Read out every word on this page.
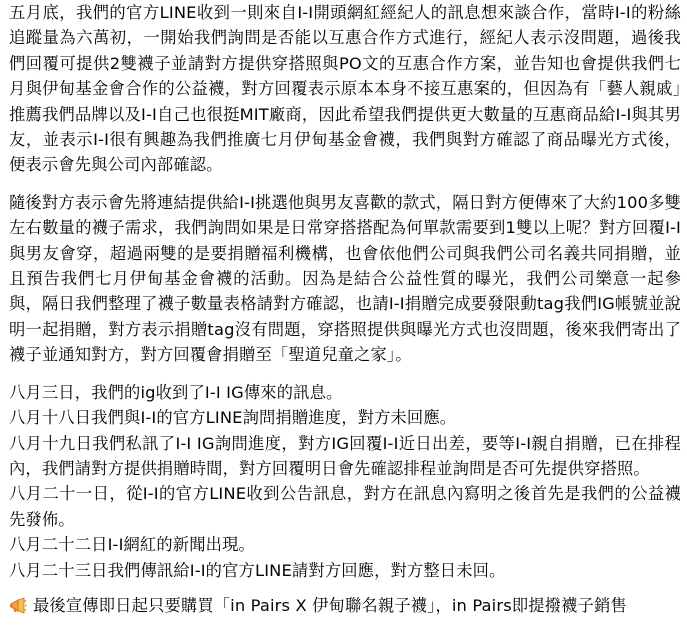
五月底，我們的官方LINE收到一則來自I-I開頭網紅經紀人的訊息想來談合作，當時I-I的粉絲追蹤量為六萬初，一開始我們詢問是否能以互惠合作方式進行，經紀人表示沒問題，過後我們回覆可提供2雙襪子並請對方提供穿搭照與PO文的互惠合作方案，並告知也會提供我們七月與伊甸基金會合作的公益襪，對方回覆表示原本本身不接互惠案的，但因為有「藝人親戚」推薦我們品牌以及I-I自己也很挺MIT廠商，因此希望我們提供更大數量的互惠商品給I-I與其男友，並表示I-I很有興趣為我們推廣七月伊甸基金會襪，我們與對方確認了商品曝光方式後，便表示會先與公司內部確認。

隨後對方表示會先將連結提供給I-I挑選他與男友喜歡的款式，隔日對方便傳來了大約100多雙左右數量的襪子需求，我們詢問如果是日常穿搭搭配為何單款需要到1雙以上呢？對方回覆I-I與男友會穿，超過兩雙的是要捐贈福利機構，也會依他們公司與我們公司名義共同捐贈，並且預告我們七月伊甸基金會襪的活動。因為是結合公益性質的曝光，我們公司樂意一起參與，隔日我們整理了襪子數量表格請對方確認，也請I-I捐贈完成要發限動tag我們IG帳號並說明一起捐贈，對方表示捐贈tag沒有問題，穿搭照提供與曝光方式也沒問題，後來我們寄出了襪子並通知對方，對方回覆會捐贈至「聖道兒童之家」。

八月三日，我們的ig收到了I-I IG傳來的訊息。

八月十八日我們與I-I的官方LINE詢問捐贈進度，對方未回應。

八月十九日我們私訊了I-I IG詢問進度，對方IG回覆I-I近日出差，要等I-I親自捐贈，已在排程內，我們請對方提供捐贈時間，對方回覆明日會先確認排程並詢問是否可先提供穿搭照。

八月二十一日，從I-I的官方LINE收到公告訊息，對方在訊息內寫明之後首先是我們的公益襪先發佈。

八月二十二日I-I網紅的新聞出現。

八月二十三日我們傳訊給I-I的官方LINE請對方回應，對方整日未回。

最後宣傳即日起只要購買「in Pairs X 伊甸聯名親子襪」，in Pairs即提撥襪子銷售
